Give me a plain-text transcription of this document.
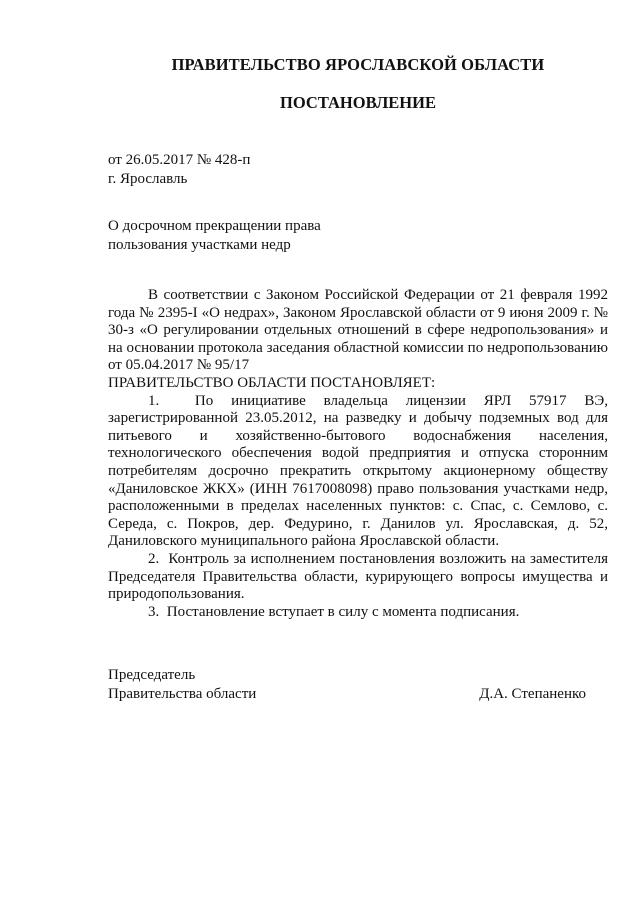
ПРАВИТЕЛЬСТВО ЯРОСЛАВСКОЙ ОБЛАСТИ
ПОСТАНОВЛЕНИЕ
от 26.05.2017 № 428-п
г. Ярославль
О досрочном прекращении права
пользования участками недр

В соответствии с Законом Российской Федерации от 21 февраля 1992 года № 2395-I «О недрах», Законом Ярославской области от 9 июня 2009 г. № 30-з «О регулировании отдельных отношений в сфере недропользования» и на основании протокола заседания областной комиссии по недропользованию от 05.04.2017 № 95/17

ПРАВИТЕЛЬСТВО ОБЛАСТИ ПОСТАНОВЛЯЕТ:

1. По инициативе владельца лицензии ЯРЛ 57917 ВЭ, зарегистрированной 23.05.2012, на разведку и добычу подземных вод для питьевого и хозяйственно-бытового водоснабжения населения, технологического обеспечения водой предприятия и отпуска сторонним потребителям досрочно прекратить открытому акционерному обществу «Даниловское ЖКХ» (ИНН 7617008098) право пользования участками недр, расположенными в пределах населенных пунктов: с. Спас, с. Семлово, с. Середа, с. Покров, дер. Федурино, г. Данилов ул. Ярославская, д. 52, Даниловского муниципального района Ярославской области.

2. Контроль за исполнением постановления возложить на заместителя Председателя Правительства области, курирующего вопросы имущества и природопользования.

3. Постановление вступает в силу с момента подписания.

Председатель
Правительства области	Д.А. Степаненко
